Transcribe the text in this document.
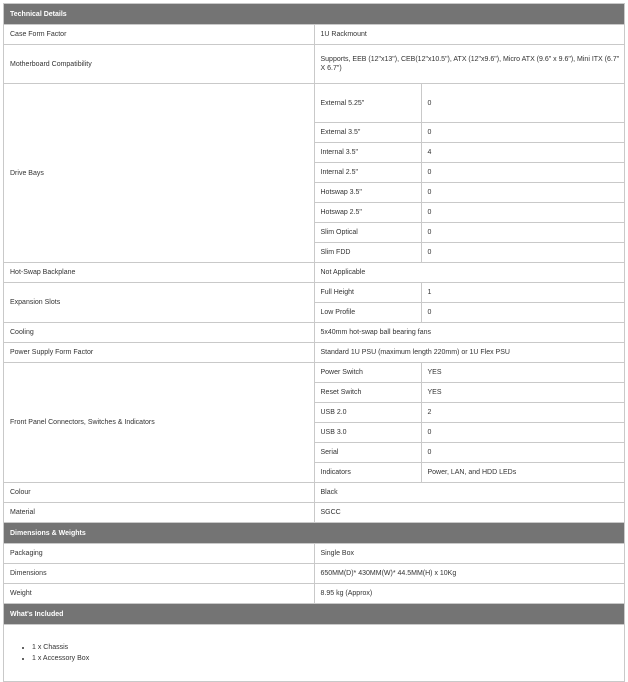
Technical Details
Case Form Factor	1U Rackmount
Motherboard Compatibility	Supports, EEB (12"x13"), CEB(12"x10.5"), ATX (12"x9.6"), Micro ATX (9.6" x 9.6"), Mini ITX (6.7" X 6.7")
Drive Bays	
External 5.25"	0
External 3.5"	0
Internal 3.5"	4
Internal 2.5"	0
Hotswap 3.5"	0
Hotswap 2.5"	0
Slim Optical	0
Slim FDD	0

Hot-Swap Backplane	Not Applicable
Expansion Slots	
Full Height	1
Low Profile	0

Cooling	5x40mm hot-swap ball bearing fans
Power Supply Form Factor	Standard 1U PSU (maximum length 220mm) or 1U Flex PSU
Front Panel Connectors, Switches & Indicators	
Power Switch	YES
Reset Switch	YES
USB 2.0	2
USB 3.0	0
Serial	0
Indicators	Power, LAN, and HDD LEDs

Colour	Black
Material	SGCC
Dimensions & Weights
Packaging	Single Box
Dimensions	650MM(D)* 430MM(W)* 44.5MM(H) x 10Kg
Weight	8.95 kg (Approx)
What's Included

• 1 x Chassis
• 1 x Accessory Box
